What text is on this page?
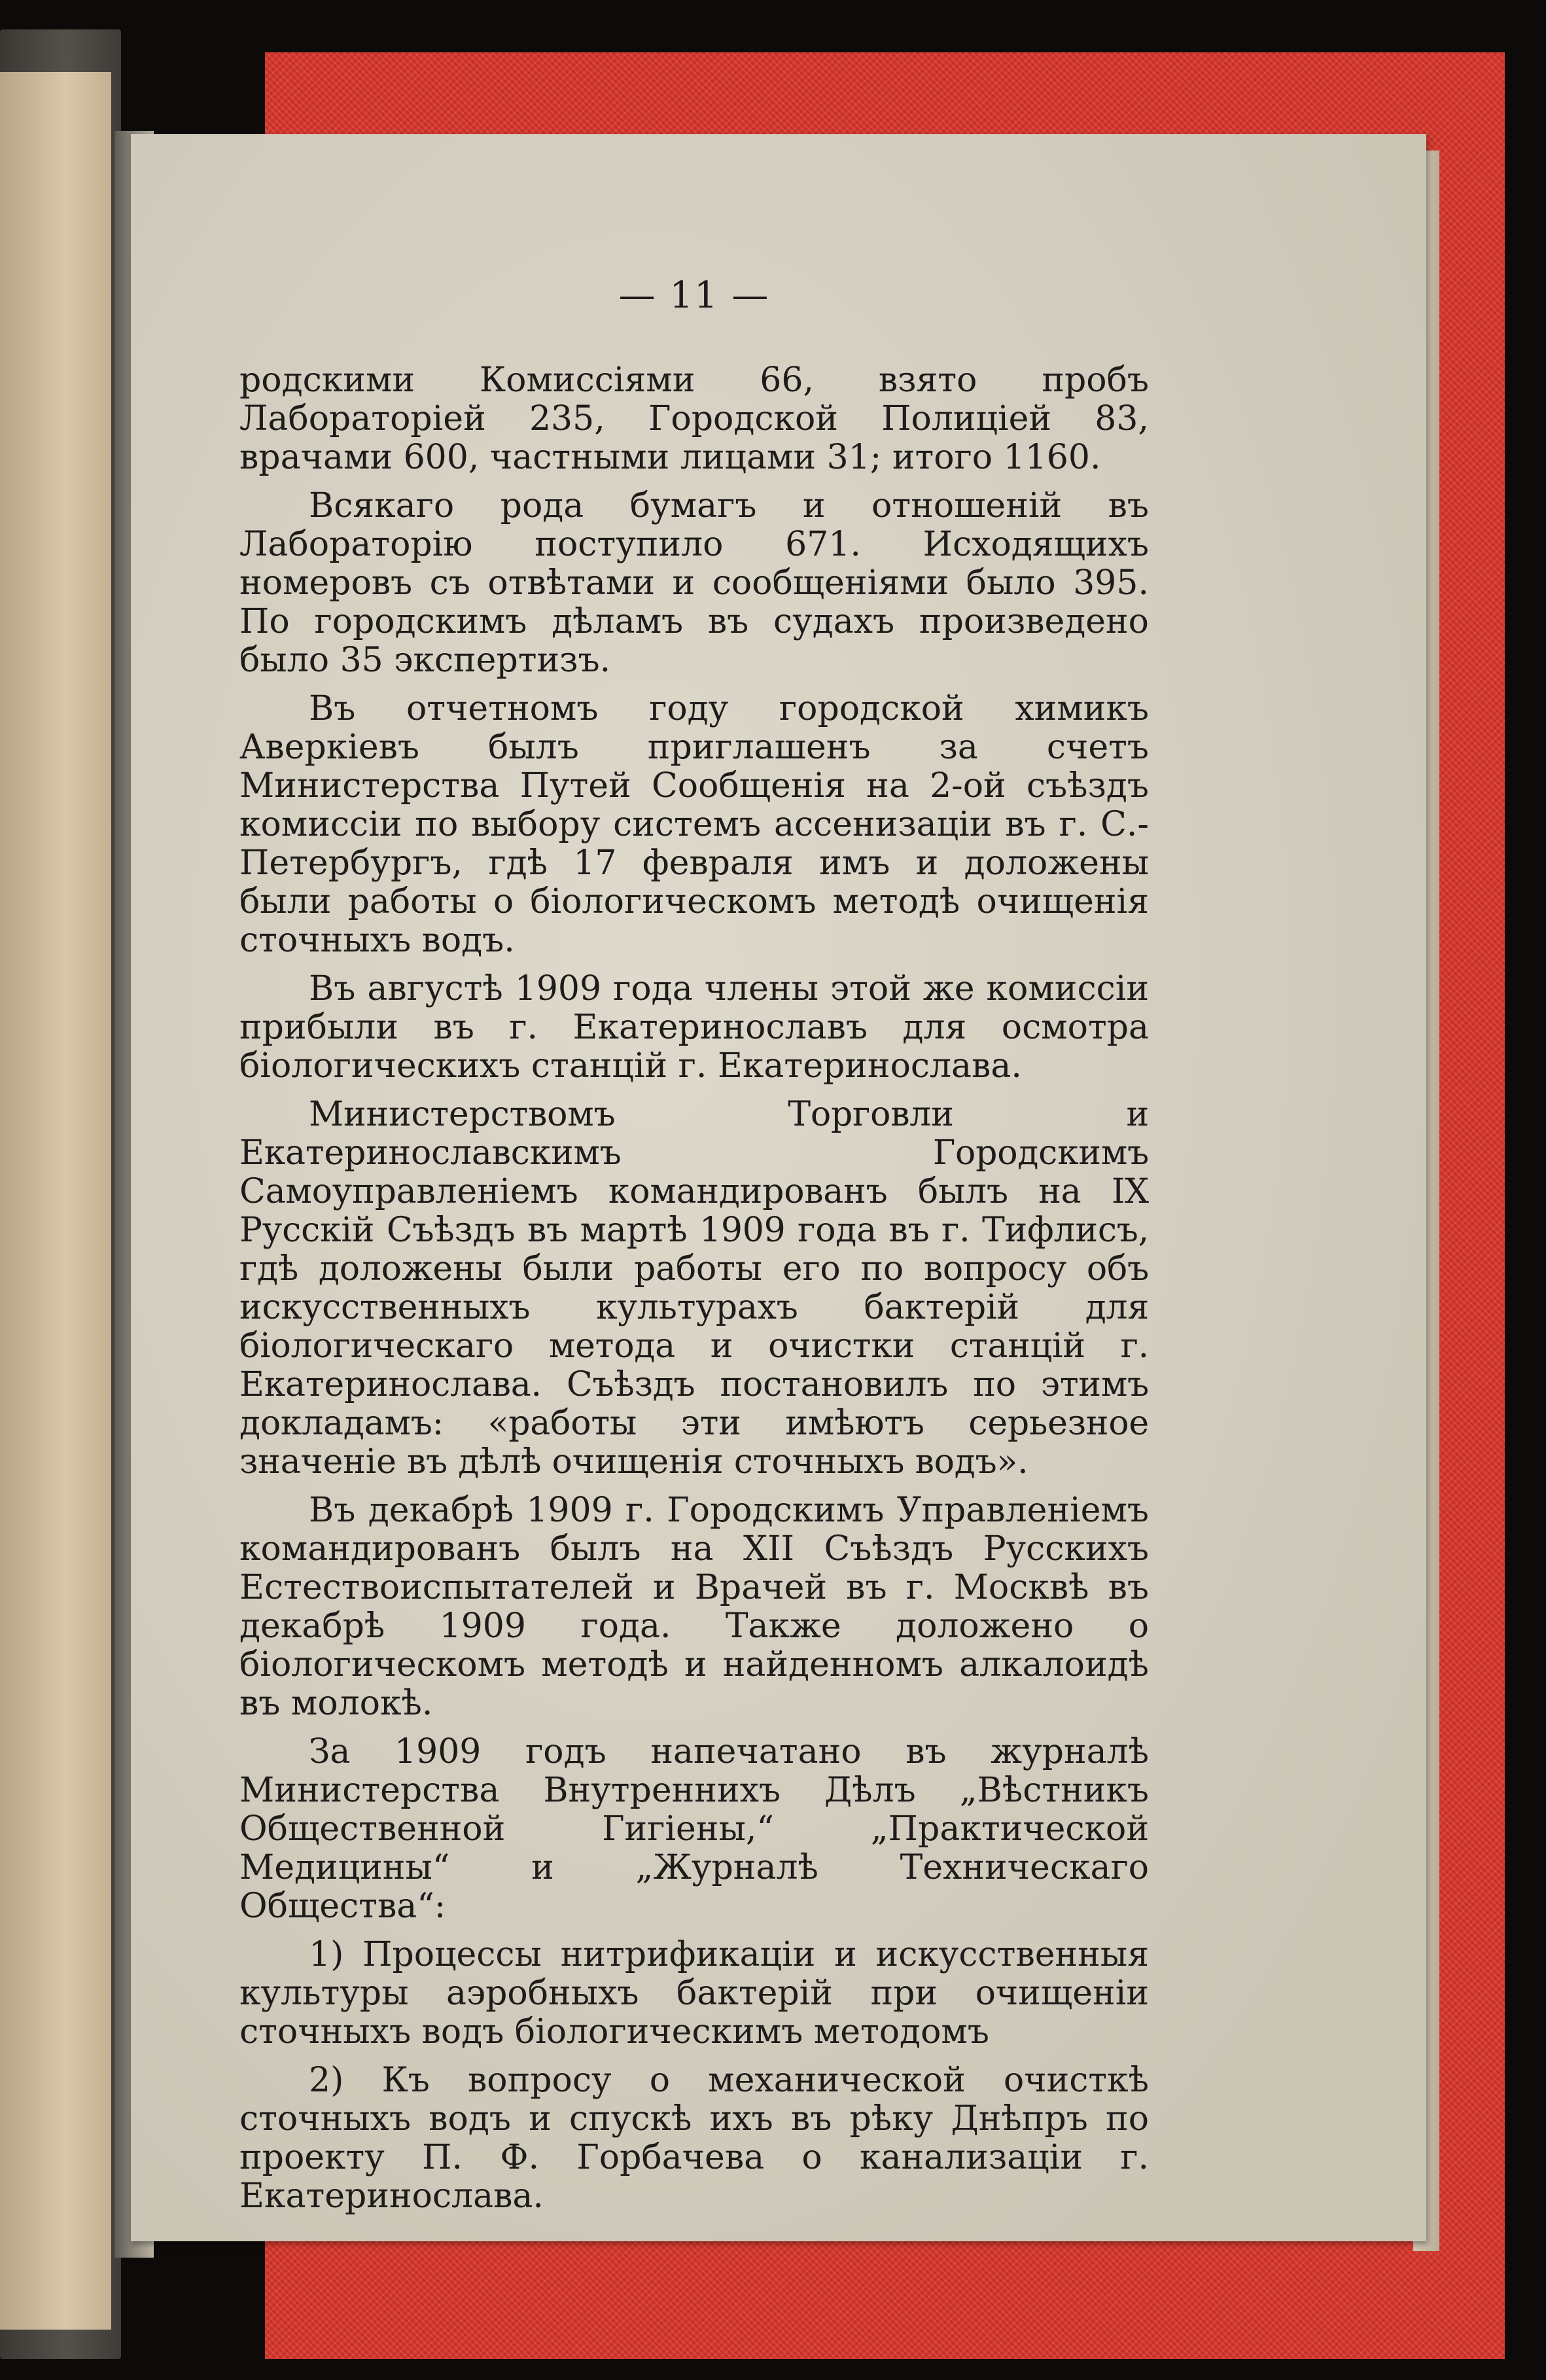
— 11 —

родскими Комиссіями 66, взято пробъ Лабораторіей 235, Городской Полиціей 83, врачами 600, частными лицами 31; итого 1160.

Всякаго рода бумагъ и отношеній въ Лабораторію поступило 671. Исходящихъ номеровъ съ отвѣтами и сообщеніями было 395. По городскимъ дѣламъ въ судахъ произведено было 35 экспертизъ.

Въ отчетномъ году городской химикъ Аверкіевъ былъ приглашенъ за счетъ Министерства Путей Сообщенія на 2-ой съѣздъ комиссіи по выбору системъ ассенизаціи въ г. С.-Петербургъ, гдѣ 17 февраля имъ и доложены были работы о біологическомъ методѣ очищенія сточныхъ водъ.

Въ августѣ 1909 года члены этой же комиссіи прибыли въ г. Екатеринославъ для осмотра біологическихъ станцій г. Екатеринослава.

Министерствомъ Торговли и Екатеринославскимъ Городскимъ Самоуправленіемъ командированъ былъ на IX Русскій Съѣздъ въ мартѣ 1909 года въ г. Тифлисъ, гдѣ доложены были работы его по вопросу объ искусственныхъ культурахъ бактерій для біологическаго метода и очистки станцій г. Екатеринослава. Съѣздъ постановилъ по этимъ докладамъ: «работы эти имѣютъ серьезное значеніе въ дѣлѣ очищенія сточныхъ водъ».

Въ декабрѣ 1909 г. Городскимъ Управленіемъ командированъ былъ на XII Съѣздъ Русскихъ Естествоиспытателей и Врачей въ г. Москвѣ въ декабрѣ 1909 года. Также доложено о біологическомъ методѣ и найденномъ алкалоидѣ въ молокѣ.

За 1909 годъ напечатано въ журналѣ Министерства Внутреннихъ Дѣлъ „Вѣстникъ Общественной Гигіены,“ „Практической Медицины“ и „Журналѣ Техническаго Общества“:

1) Процессы нитрификаціи и искусственныя культуры аэробныхъ бактерій при очищеніи сточныхъ водъ біологическимъ методомъ

2) Къ вопросу о механической очисткѣ сточныхъ водъ и спускѣ ихъ въ рѣку Днѣпръ по проекту П. Ф. Горбачева о канализаціи г. Екатеринослава.
